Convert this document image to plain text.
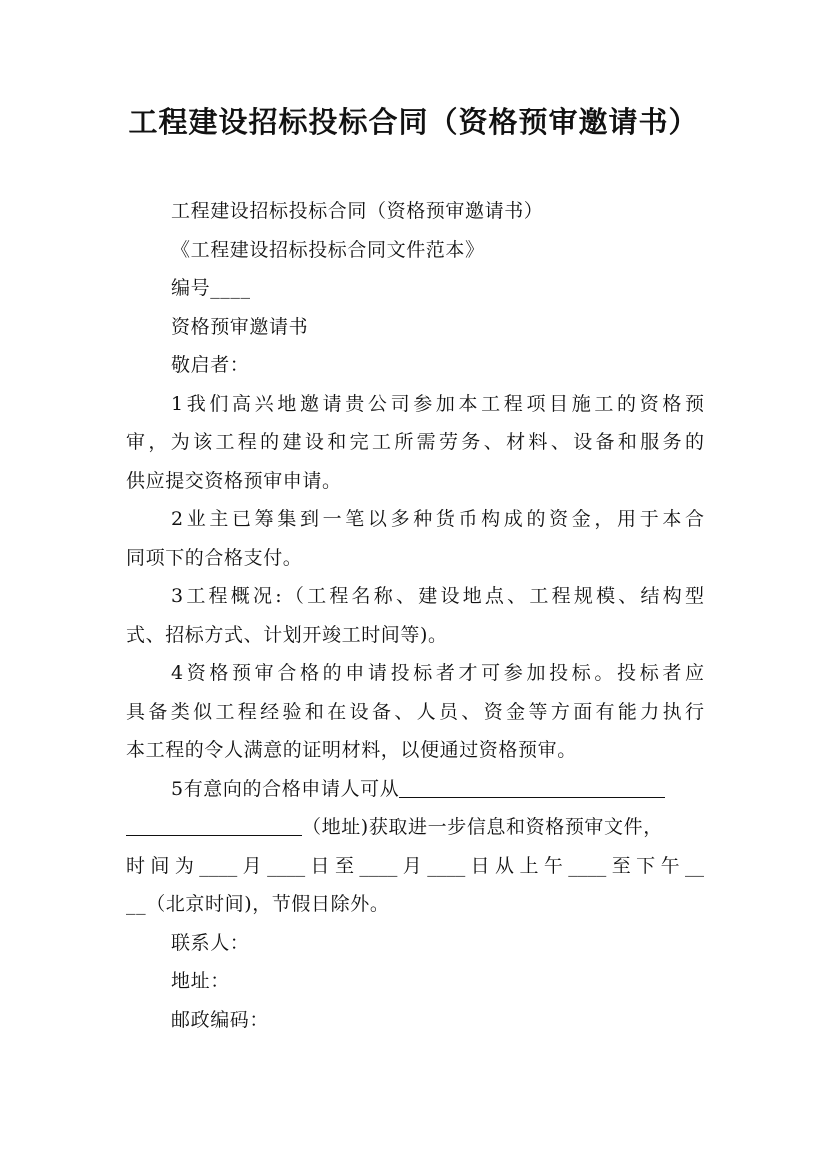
工程建设招标投标合同（资格预审邀请书）
工程建设招标投标合同（资格预审邀请书）
《工程建设招标投标合同文件范本》
编号____
资格预审邀请书
敬启者：
1我们高兴地邀请贵公司参加本工程项目施工的资格预
审，为该工程的建设和完工所需劳务、材料、设备和服务的
供应提交资格预审申请。
2业主已筹集到一笔以多种货币构成的资金，用于本合
同项下的合格支付。
3工程概况:（工程名称、建设地点、工程规模、结构型
式、招标方式、计划开竣工时间等)。
4资格预审合格的申请投标者才可参加投标。投标者应
具备类似工程经验和在设备、人员、资金等方面有能力执行
本工程的令人满意的证明材料，以便通过资格预审。
5有意向的合格申请人可从
（地址)获取进一步信息和资格预审文件，
时间为____月____日至____月____日从上午____至下午__
__（北京时间)，节假日除外。
联系人：
地址：
邮政编码：
